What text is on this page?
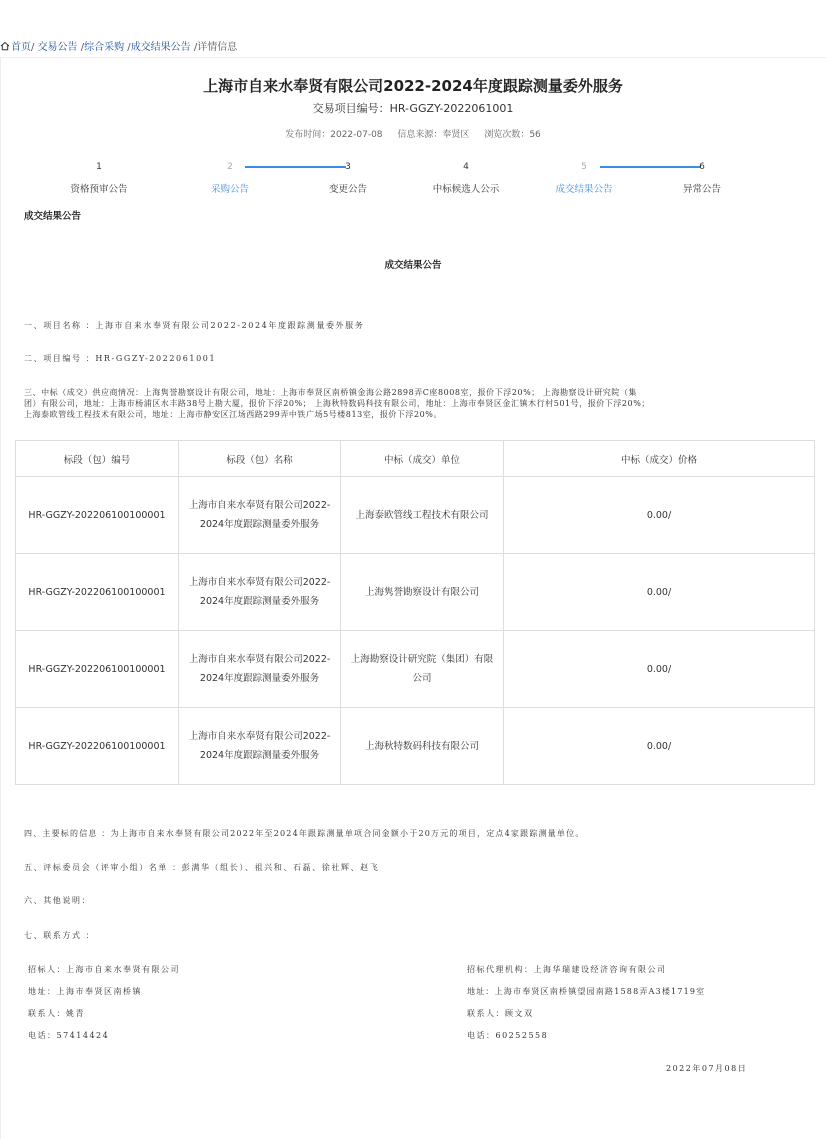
首页/ 交易公告 /综合采购 /成交结果公告 /详情信息
上海市自来水奉贤有限公司2022-2024年度跟踪测量委外服务
交易项目编号：HR-GGZY-2022061001
发布时间：2022-07-08 信息来源：奉贤区 浏览次数：56
1
资格预审公告
2
采购公告
3
变更公告
4
中标候选人公示
5
成交结果公告
6
异常公告
成交结果公告
成交结果公告
一、项目名称 ：上海市自来水奉贤有限公司2022-2024年度跟踪测量委外服务
二、项目编号 ：HR-GGZY-2022061001
三、中标（成交）供应商情况：上海隽誉勘察设计有限公司，地址：上海市奉贤区南桥镇金海公路2898弄C座8008室，报价下浮20%； 上海勘察设计研究院（集
团）有限公司，地址：上海市杨浦区水丰路38号上勘大厦，报价下浮20%； 上海秋特数码科技有限公司，地址：上海市奉贤区金汇镇木行村501号，报价下浮20%；
上海泰欧管线工程技术有限公司，地址：上海市静安区江场西路299弄中铁广场5号楼813室，报价下浮20%。
标段（包）编号	标段（包）名称	中标（成交）单位	中标（成交）价格
HR-GGZY-202206100100001	上海市自来水奉贤有限公司2022-2024年度跟踪测量委外服务	上海泰欧管线工程技术有限公司	0.00/
HR-GGZY-202206100100001	上海市自来水奉贤有限公司2022-2024年度跟踪测量委外服务	上海隽誉勘察设计有限公司	0.00/
HR-GGZY-202206100100001	上海市自来水奉贤有限公司2022-2024年度跟踪测量委外服务	上海勘察设计研究院（集团）有限公司	0.00/
HR-GGZY-202206100100001	上海市自来水奉贤有限公司2022-2024年度跟踪测量委外服务	上海秋特数码科技有限公司	0.00/
四、主要标的信息 ：为上海市自来水奉贤有限公司2022年至2024年跟踪测量单项合同金额小于20万元的项目，定点4家跟踪测量单位。
五、评标委员会（评审小组）名单 ：彭满华（组长）、祖兴和、石磊、徐社辉、赵飞
六、其他说明：
七、联系方式 ：
招标人：上海市自来水奉贤有限公司
地址：上海市奉贤区南桥镇
联系人：姚青
电话：57414424
招标代理机构：上海华瑞建设经济咨询有限公司
地址：上海市奉贤区南桥镇望园南路1588弄A3楼1719室
联系人：顾文双
电话：60252558
2022年07月08日
